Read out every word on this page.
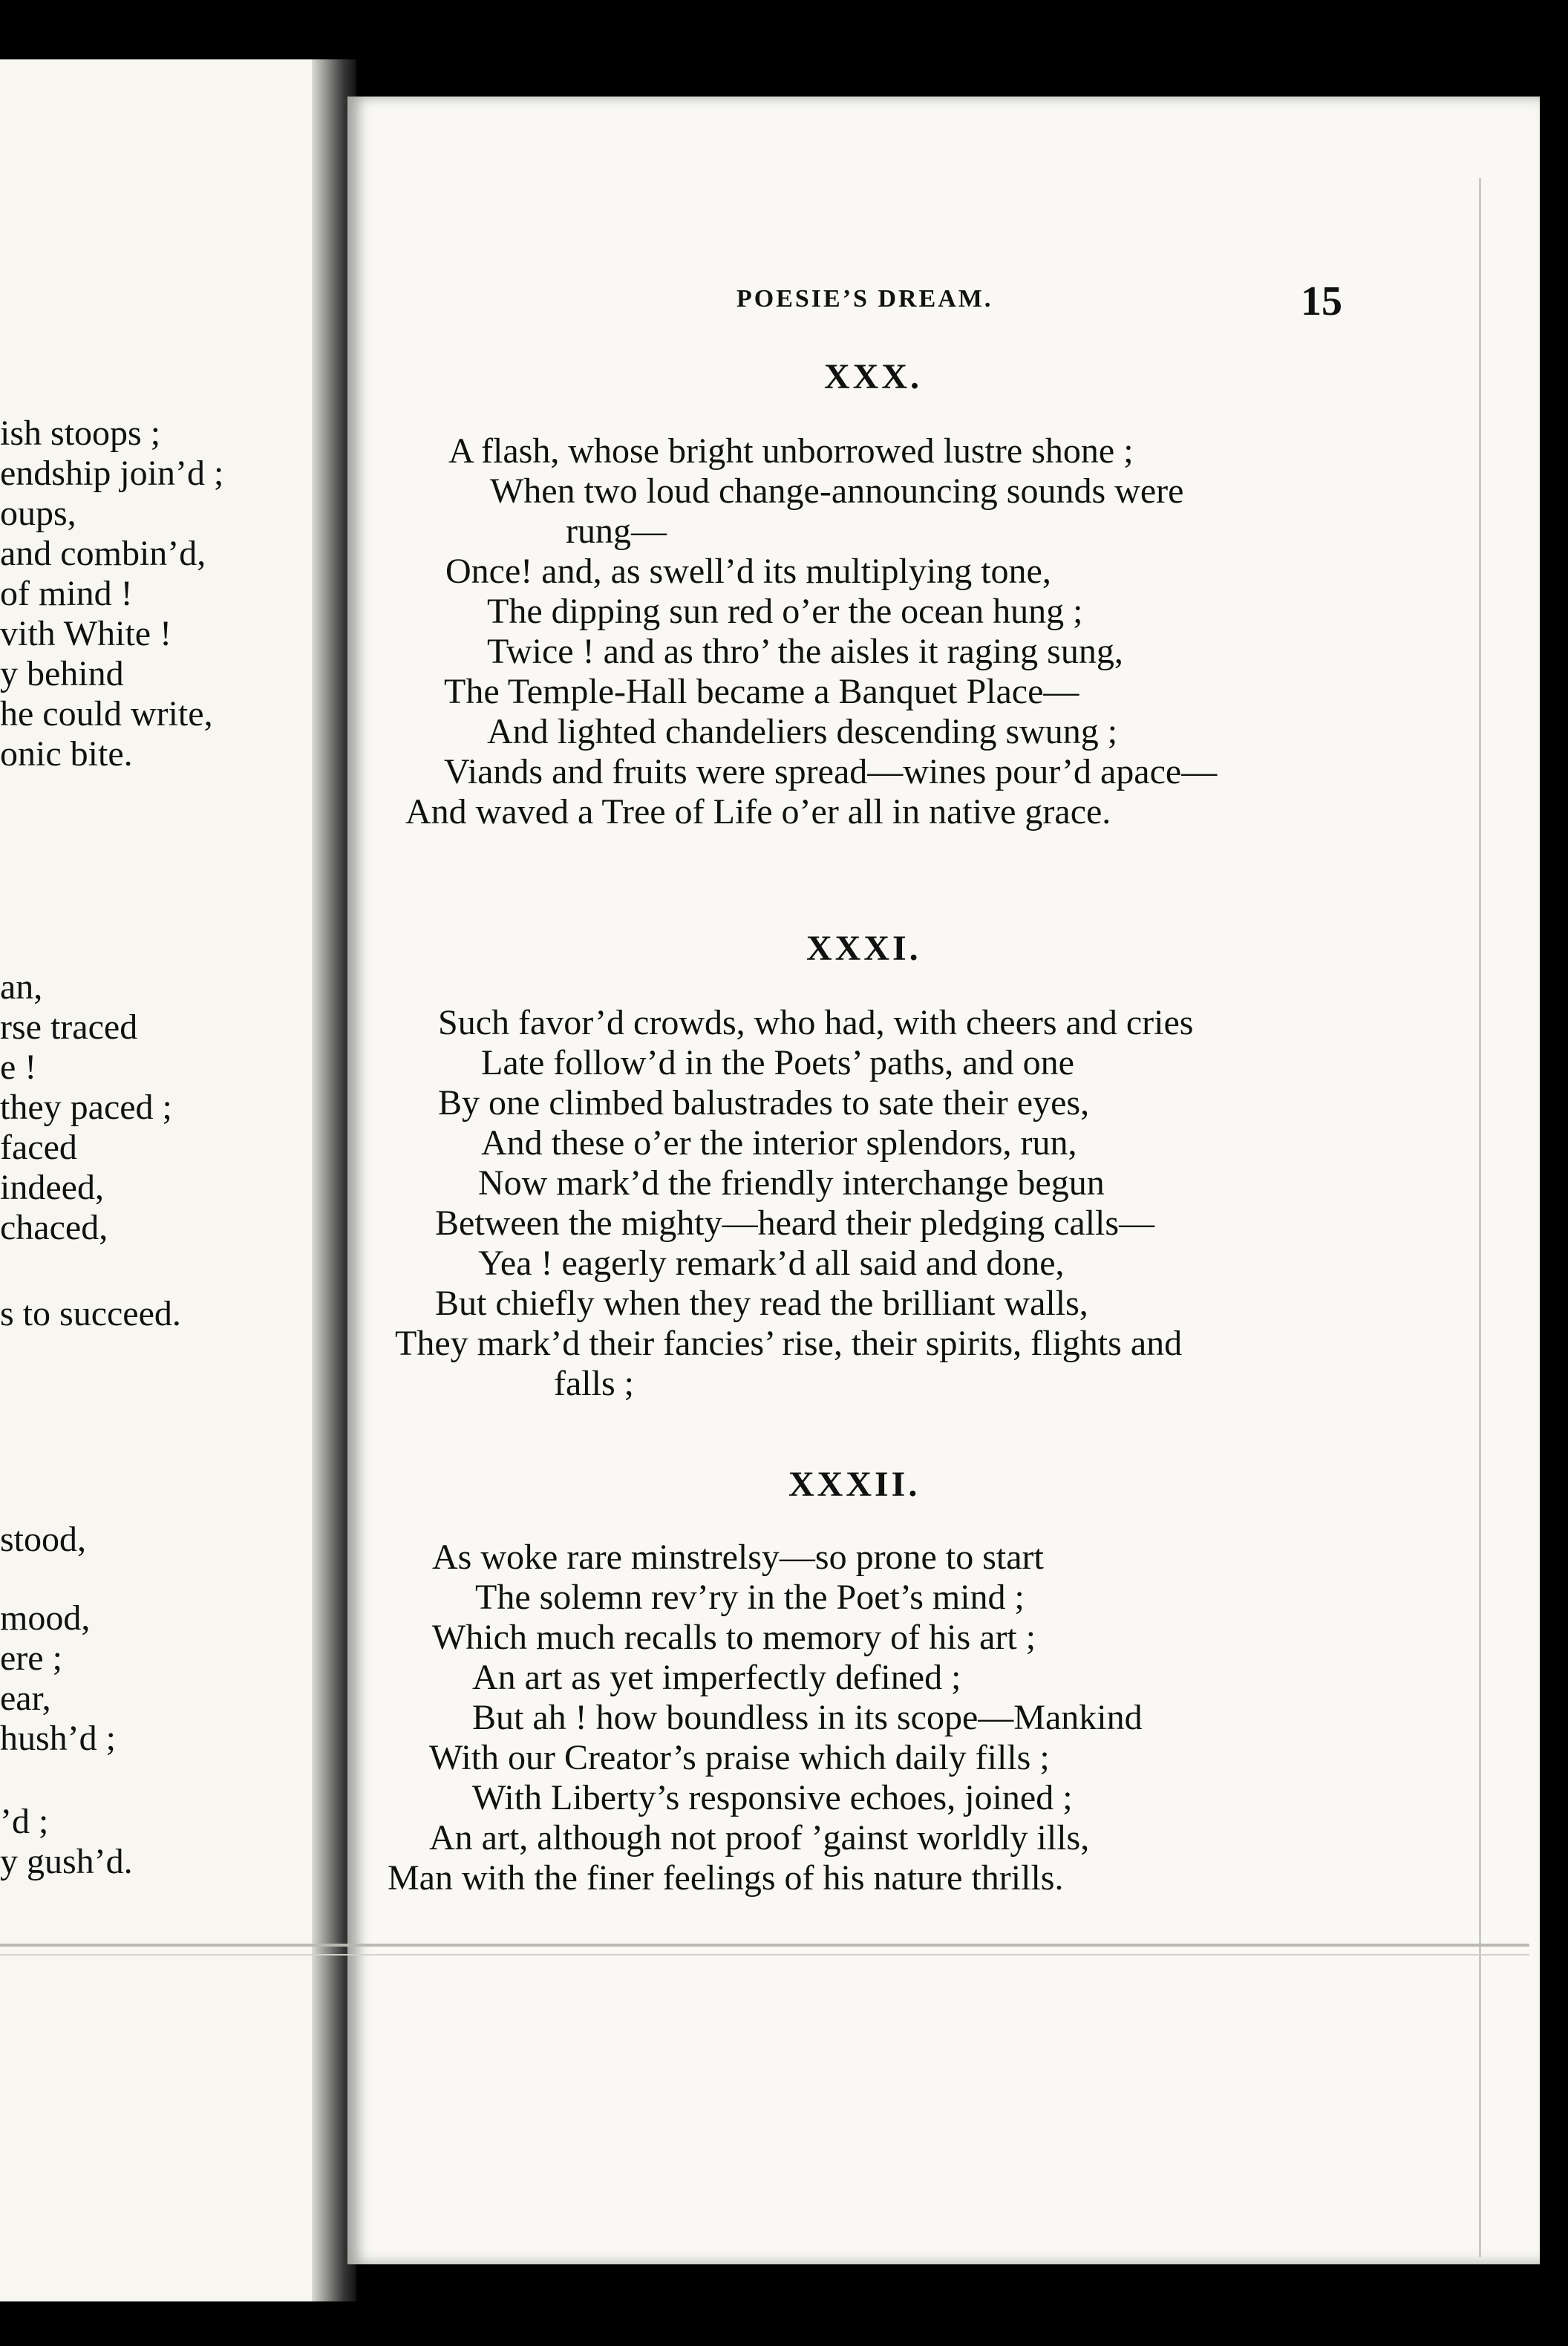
ish stoops ;
endship join’d ;
oups,
and combin’d,
of mind !
vith White !
y behind
he could write,
onic bite.
an,
rse traced
e !
they paced ;
faced
indeed,
chaced,
s to succeed.
stood,
mood,
ere ;
ear,
hush’d ;
’d ;
y gush’d.
POESIE’S DREAM.	15
XXX.
A flash, whose bright unborrowed lustre shone ;
When two loud change-announcing sounds were
rung—
Once! and, as swell’d its multiplying tone,
The dipping sun red o’er the ocean hung ;
Twice ! and as thro’ the aisles it raging sung,
The Temple-Hall became a Banquet Place—
And lighted chandeliers descending swung ;
Viands and fruits were spread—wines pour’d apace—
And waved a Tree of Life o’er all in native grace.
XXXI.
Such favor’d crowds, who had, with cheers and cries
Late follow’d in the Poets’ paths, and one
By one climbed balustrades to sate their eyes,
And these o’er the interior splendors, run,
Now mark’d the friendly interchange begun
Between the mighty—heard their pledging calls—
Yea ! eagerly remark’d all said and done,
But chiefly when they read the brilliant walls,
They mark’d their fancies’ rise, their spirits, flights and
falls ;
XXXII.
As woke rare minstrelsy—so prone to start
The solemn rev’ry in the Poet’s mind ;
Which much recalls to memory of his art ;
An art as yet imperfectly defined ;
But ah ! how boundless in its scope—Mankind
With our Creator’s praise which daily fills ;
With Liberty’s responsive echoes, joined ;
An art, although not proof ’gainst worldly ills,
Man with the finer feelings of his nature thrills.
